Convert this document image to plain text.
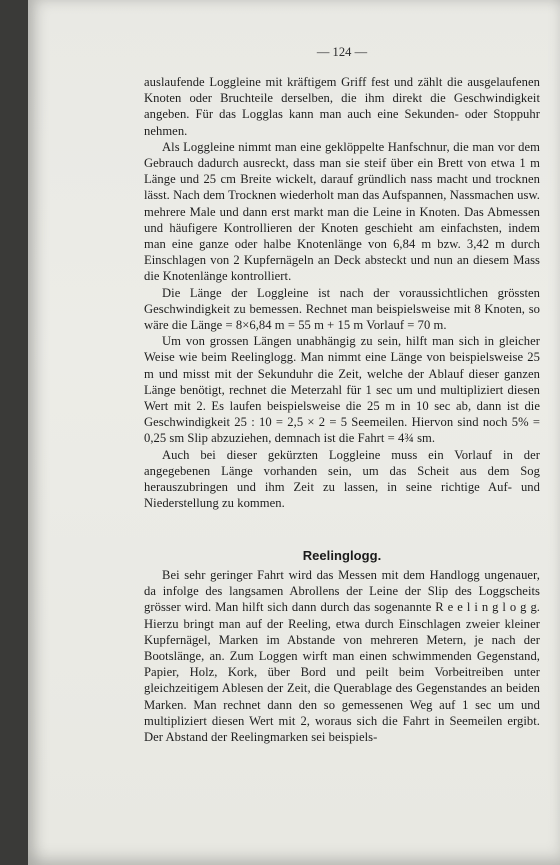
— 124 —

auslaufende Loggleine mit kräftigem Griff fest und zählt die ausgelaufenen Knoten oder Bruchteile derselben, die ihm direkt die Geschwindigkeit angeben. Für das Logglas kann man auch eine Sekunden- oder Stoppuhr nehmen.

Als Loggleine nimmt man eine geklöppelte Hanfschnur, die man vor dem Gebrauch dadurch ausreckt, dass man sie steif über ein Brett von etwa 1 m Länge und 25 cm Breite wickelt, darauf gründlich nass macht und trocknen lässt. Nach dem Trocknen wiederholt man das Aufspannen, Nassmachen usw. mehrere Male und dann erst markt man die Leine in Knoten. Das Abmessen und häufigere Kontrollieren der Knoten geschieht am einfachsten, indem man eine ganze oder halbe Knotenlänge von 6,84 m bzw. 3,42 m durch Einschlagen von 2 Kupfernägeln an Deck absteckt und nun an diesem Mass die Knotenlänge kontrolliert.

Die Länge der Loggleine ist nach der voraussichtlichen grössten Geschwindigkeit zu bemessen. Rechnet man beispielsweise mit 8 Knoten, so wäre die Länge = 8×6,84 m = 55 m + 15 m Vorlauf = 70 m.

Um von grossen Längen unabhängig zu sein, hilft man sich in gleicher Weise wie beim Reelinglogg. Man nimmt eine Länge von beispielsweise 25 m und misst mit der Sekunduhr die Zeit, welche der Ablauf dieser ganzen Länge benötigt, rechnet die Meterzahl für 1 sec um und multipliziert diesen Wert mit 2. Es laufen beispielsweise die 25 m in 10 sec ab, dann ist die Geschwindigkeit 25 : 10 = 2,5 × 2 = 5 Seemeilen. Hiervon sind noch 5% = 0,25 sm Slip abzuziehen, demnach ist die Fahrt = 4¾ sm.

Auch bei dieser gekürzten Loggleine muss ein Vorlauf in der angegebenen Länge vorhanden sein, um das Scheit aus dem Sog herauszubringen und ihm Zeit zu lassen, in seine richtige Auf- und Niederstellung zu kommen.

Reelinglogg.

Bei sehr geringer Fahrt wird das Messen mit dem Handlogg ungenauer, da infolge des langsamen Abrollens der Leine der Slip des Loggscheits grösser wird. Man hilft sich dann durch das sogenannte R e e l i n g l o g g. Hierzu bringt man auf der Reeling, etwa durch Einschlagen zweier kleiner Kupfernägel, Marken im Abstande von mehreren Metern, je nach der Bootslänge, an. Zum Loggen wirft man einen schwimmenden Gegenstand, Papier, Holz, Kork, über Bord und peilt beim Vorbeitreiben unter gleichzeitigem Ablesen der Zeit, die Querablage des Gegenstandes an beiden Marken. Man rechnet dann den so gemessenen Weg auf 1 sec um und multipliziert diesen Wert mit 2, woraus sich die Fahrt in Seemeilen ergibt. Der Abstand der Reelingmarken sei beispiels-
